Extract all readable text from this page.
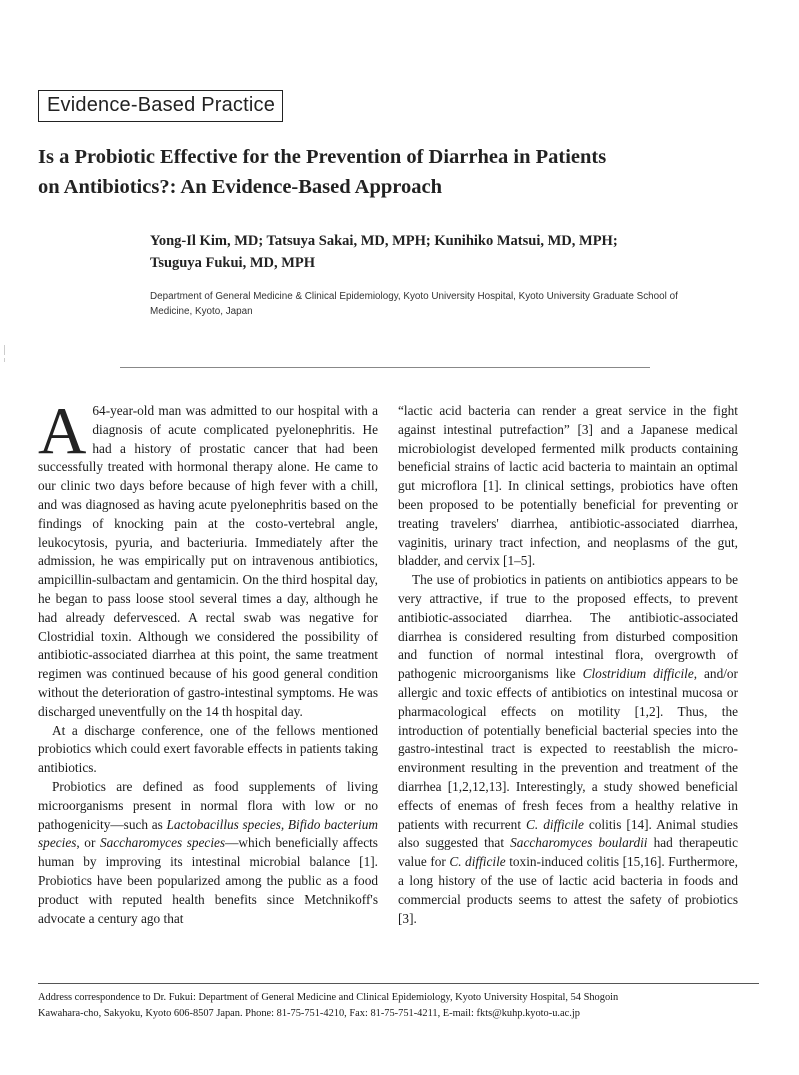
Evidence-Based Practice
Is a Probiotic Effective for the Prevention of Diarrhea in Patients
on Antibiotics?: An Evidence-Based Approach
Yong-Il Kim, MD; Tatsuya Sakai, MD, MPH; Kunihiko Matsui, MD, MPH;
Tsuguya Fukui, MD, MPH
Department of General Medicine & Clinical Epidemiology, Kyoto University Hospital, Kyoto University Graduate School of
Medicine, Kyoto, Japan

A 64-year-old man was admitted to our hospital with a diagnosis of acute complicated pyelonephritis. He had a history of prostatic cancer that had been successfully treated with hormonal therapy alone. He came to our clinic two days before because of high fever with a chill, and was diagnosed as having acute pyelonephritis based on the findings of knocking pain at the costo-vertebral angle, leukocytosis, pyuria, and bacteriuria. Immediately after the admission, he was empirically put on intravenous antibiotics, ampicillin-sulbactam and gentamicin. On the third hospital day, he began to pass loose stool several times a day, although he had already defervesced. A rectal swab was negative for Clostridial toxin. Although we considered the possibility of antibiotic-associated diarrhea at this point, the same treatment regimen was continued because of his good general condition without the deterioration of gastro-intestinal symptoms. He was discharged uneventfully on the 14 th hospital day.

At a discharge conference, one of the fellows mentioned probiotics which could exert favorable effects in patients taking antibiotics.

Probiotics are defined as food supplements of living microorganisms present in normal flora with low or no pathogenicity—such as Lactobacillus species, Bifido bacterium species, or Saccharomyces species—which beneficially affects human by improving its intestinal microbial balance [1]. Probiotics have been popularized among the public as a food product with reputed health benefits since Metchnikoff's advocate a century ago that

“lactic acid bacteria can render a great service in the fight against intestinal putrefaction” [3] and a Japanese medical microbiologist developed fermented milk products containing beneficial strains of lactic acid bacteria to maintain an optimal gut microflora [1]. In clinical settings, probiotics have often been proposed to be potentially beneficial for preventing or treating travelers' diarrhea, antibiotic-associated diarrhea, vaginitis, urinary tract infection, and neoplasms of the gut, bladder, and cervix [1–5].

The use of probiotics in patients on antibiotics appears to be very attractive, if true to the proposed effects, to prevent antibiotic-associated diarrhea. The antibiotic-associated diarrhea is considered resulting from disturbed composition and function of normal intestinal flora, overgrowth of pathogenic microorganisms like Clostridium difficile, and/or allergic and toxic effects of antibiotics on intestinal mucosa or pharmacological effects on motility [1,2]. Thus, the introduction of potentially beneficial bacterial species into the gastro-intestinal tract is expected to reestablish the micro-environment resulting in the prevention and treatment of the diarrhea [1,2,12,13]. Interestingly, a study showed beneficial effects of enemas of fresh feces from a healthy relative in patients with recurrent C. difficile colitis [14]. Animal studies also suggested that Saccharomyces boulardii had therapeutic value for C. difficile toxin-induced colitis [15,16]. Furthermore, a long history of the use of lactic acid bacteria in foods and commercial products seems to attest the safety of probiotics [3].

Address correspondence to Dr. Fukui: Department of General Medicine and Clinical Epidemiology, Kyoto University Hospital, 54 Shogoin
Kawahara-cho, Sakyoku, Kyoto 606-8507 Japan. Phone: 81-75-751-4210, Fax: 81-75-751-4211, E-mail: fkts@kuhp.kyoto-u.ac.jp
